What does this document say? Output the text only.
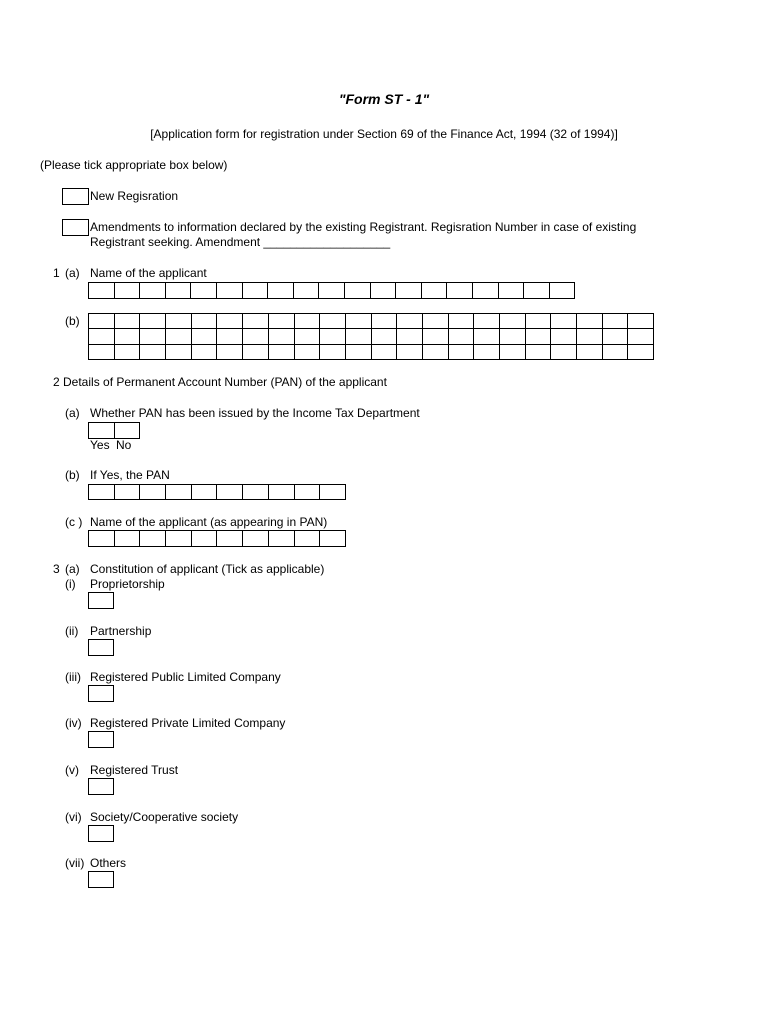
"Form ST - 1"
[Application form for registration under Section 69 of the Finance Act, 1994 (32 of 1994)]
(Please tick appropriate box below)
New Regisration
Amendments to information declared by the existing Registrant. Regisration Number in case of existing
Registrant seeking. Amendment ___________________
1 (a) Name of the applicant
(b)
2 Details of Permanent Account Number (PAN) of the applicant
(a) Whether PAN has been issued by the Income Tax Department
Yes No
(b) If Yes, the PAN
(c ) Name of the applicant (as appearing in PAN)
3 (a) Constitution of applicant (Tick as applicable)
(i) Proprietorship
(ii) Partnership
(iii) Registered Public Limited Company
(iv) Registered Private Limited Company
(v) Registered Trust
(vi) Society/Cooperative society
(vii) Others
